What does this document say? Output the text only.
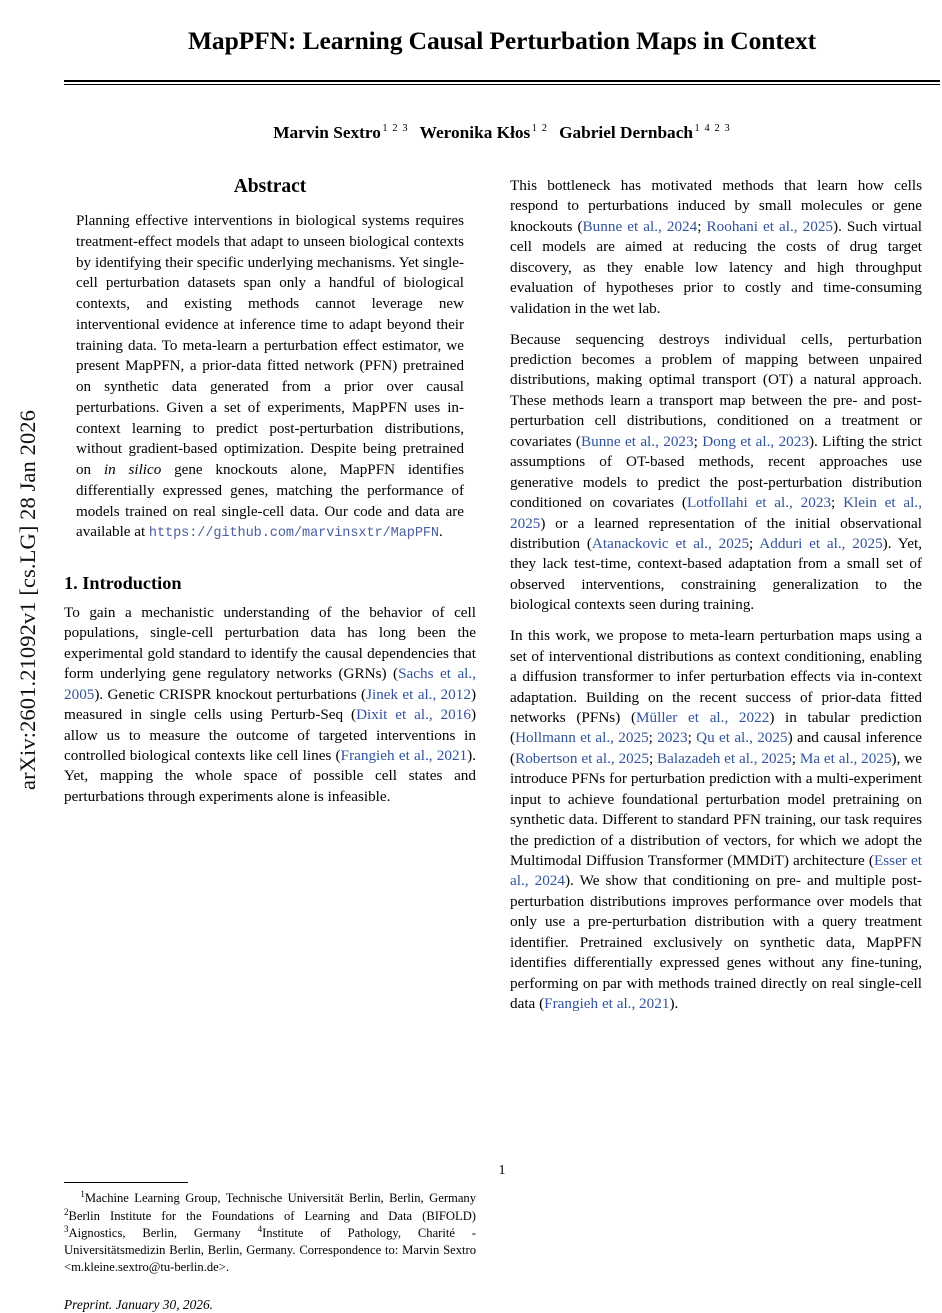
arXiv:2601.21092v1 [cs.LG] 28 Jan 2026
MapPFN: Learning Causal Perturbation Maps in Context
Marvin Sextro $^{1 2 3}$ Weronika Kłos $^{1 2}$ Gabriel Dernbach $^{1 4 2 3}$
Abstract

Planning effective interventions in biological systems requires treatment-effect models that adapt to unseen biological contexts by identifying their specific underlying mechanisms. Yet single-cell perturbation datasets span only a handful of biological contexts, and existing methods cannot leverage new interventional evidence at inference time to adapt beyond their training data. To meta-learn a perturbation effect estimator, we present MapPFN, a prior-data fitted network (PFN) pretrained on synthetic data generated from a prior over causal perturbations. Given a set of experiments, MapPFN uses in-context learning to predict post-perturbation distributions, without gradient-based optimization. Despite being pretrained on in silico gene knockouts alone, MapPFN identifies differentially expressed genes, matching the performance of models trained on real single-cell data. Our code and data are available at https://github.com/marvinsxtr/MapPFN.

1. Introduction

To gain a mechanistic understanding of the behavior of cell populations, single-cell perturbation data has long been the experimental gold standard to identify the causal dependencies that form underlying gene regulatory networks (GRNs) (Sachs et al., 2005). Genetic CRISPR knockout perturbations (Jinek et al., 2012) measured in single cells using Perturb-Seq (Dixit et al., 2016) allow us to measure the outcome of targeted interventions in controlled biological contexts like cell lines (Frangieh et al., 2021). Yet, mapping the whole space of possible cell states and perturbations through experiments alone is infeasible.

$^1$Machine Learning Group, Technische Universität Berlin, Berlin, Germany $^2$Berlin Institute for the Foundations of Learning and Data (BIFOLD) $^3$Aignostics, Berlin, Germany $^4$Institute of Pathology, Charité - Universitätsmedizin Berlin, Berlin, Germany. Correspondence to: Marvin Sextro <m.kleine.sextro@tu-berlin.de>.

Preprint. January 30, 2026.

This bottleneck has motivated methods that learn how cells respond to perturbations induced by small molecules or gene knockouts (Bunne et al., 2024; Roohani et al., 2025). Such virtual cell models are aimed at reducing the costs of drug target discovery, as they enable low latency and high throughput evaluation of hypotheses prior to costly and time-consuming validation in the wet lab.

Because sequencing destroys individual cells, perturbation prediction becomes a problem of mapping between unpaired distributions, making optimal transport (OT) a natural approach. These methods learn a transport map between the pre- and post-perturbation cell distributions, conditioned on a treatment or covariates (Bunne et al., 2023; Dong et al., 2023). Lifting the strict assumptions of OT-based methods, recent approaches use generative models to predict the post-perturbation distribution conditioned on covariates (Lotfollahi et al., 2023; Klein et al., 2025) or a learned representation of the initial observational distribution (Atanackovic et al., 2025; Adduri et al., 2025). Yet, they lack test-time, context-based adaptation from a small set of observed interventions, constraining generalization to the biological contexts seen during training.

In this work, we propose to meta-learn perturbation maps using a set of interventional distributions as context conditioning, enabling a diffusion transformer to infer perturbation effects via in-context adaptation. Building on the recent success of prior-data fitted networks (PFNs) (Müller et al., 2022) in tabular prediction (Hollmann et al., 2025; 2023; Qu et al., 2025) and causal inference (Robertson et al., 2025; Balazadeh et al., 2025; Ma et al., 2025), we introduce PFNs for perturbation prediction with a multi-experiment input to achieve foundational perturbation model pretraining on synthetic data. Different to standard PFN training, our task requires the prediction of a distribution of vectors, for which we adopt the Multimodal Diffusion Transformer (MMDiT) architecture (Esser et al., 2024). We show that conditioning on pre- and multiple post-perturbation distributions improves performance over models that only use a pre-perturbation distribution with a query treatment identifier. Pretrained exclusively on synthetic data, MapPFN identifies differentially expressed genes without any fine-tuning, performing on par with methods trained directly on real single-cell data (Frangieh et al., 2021).

1
